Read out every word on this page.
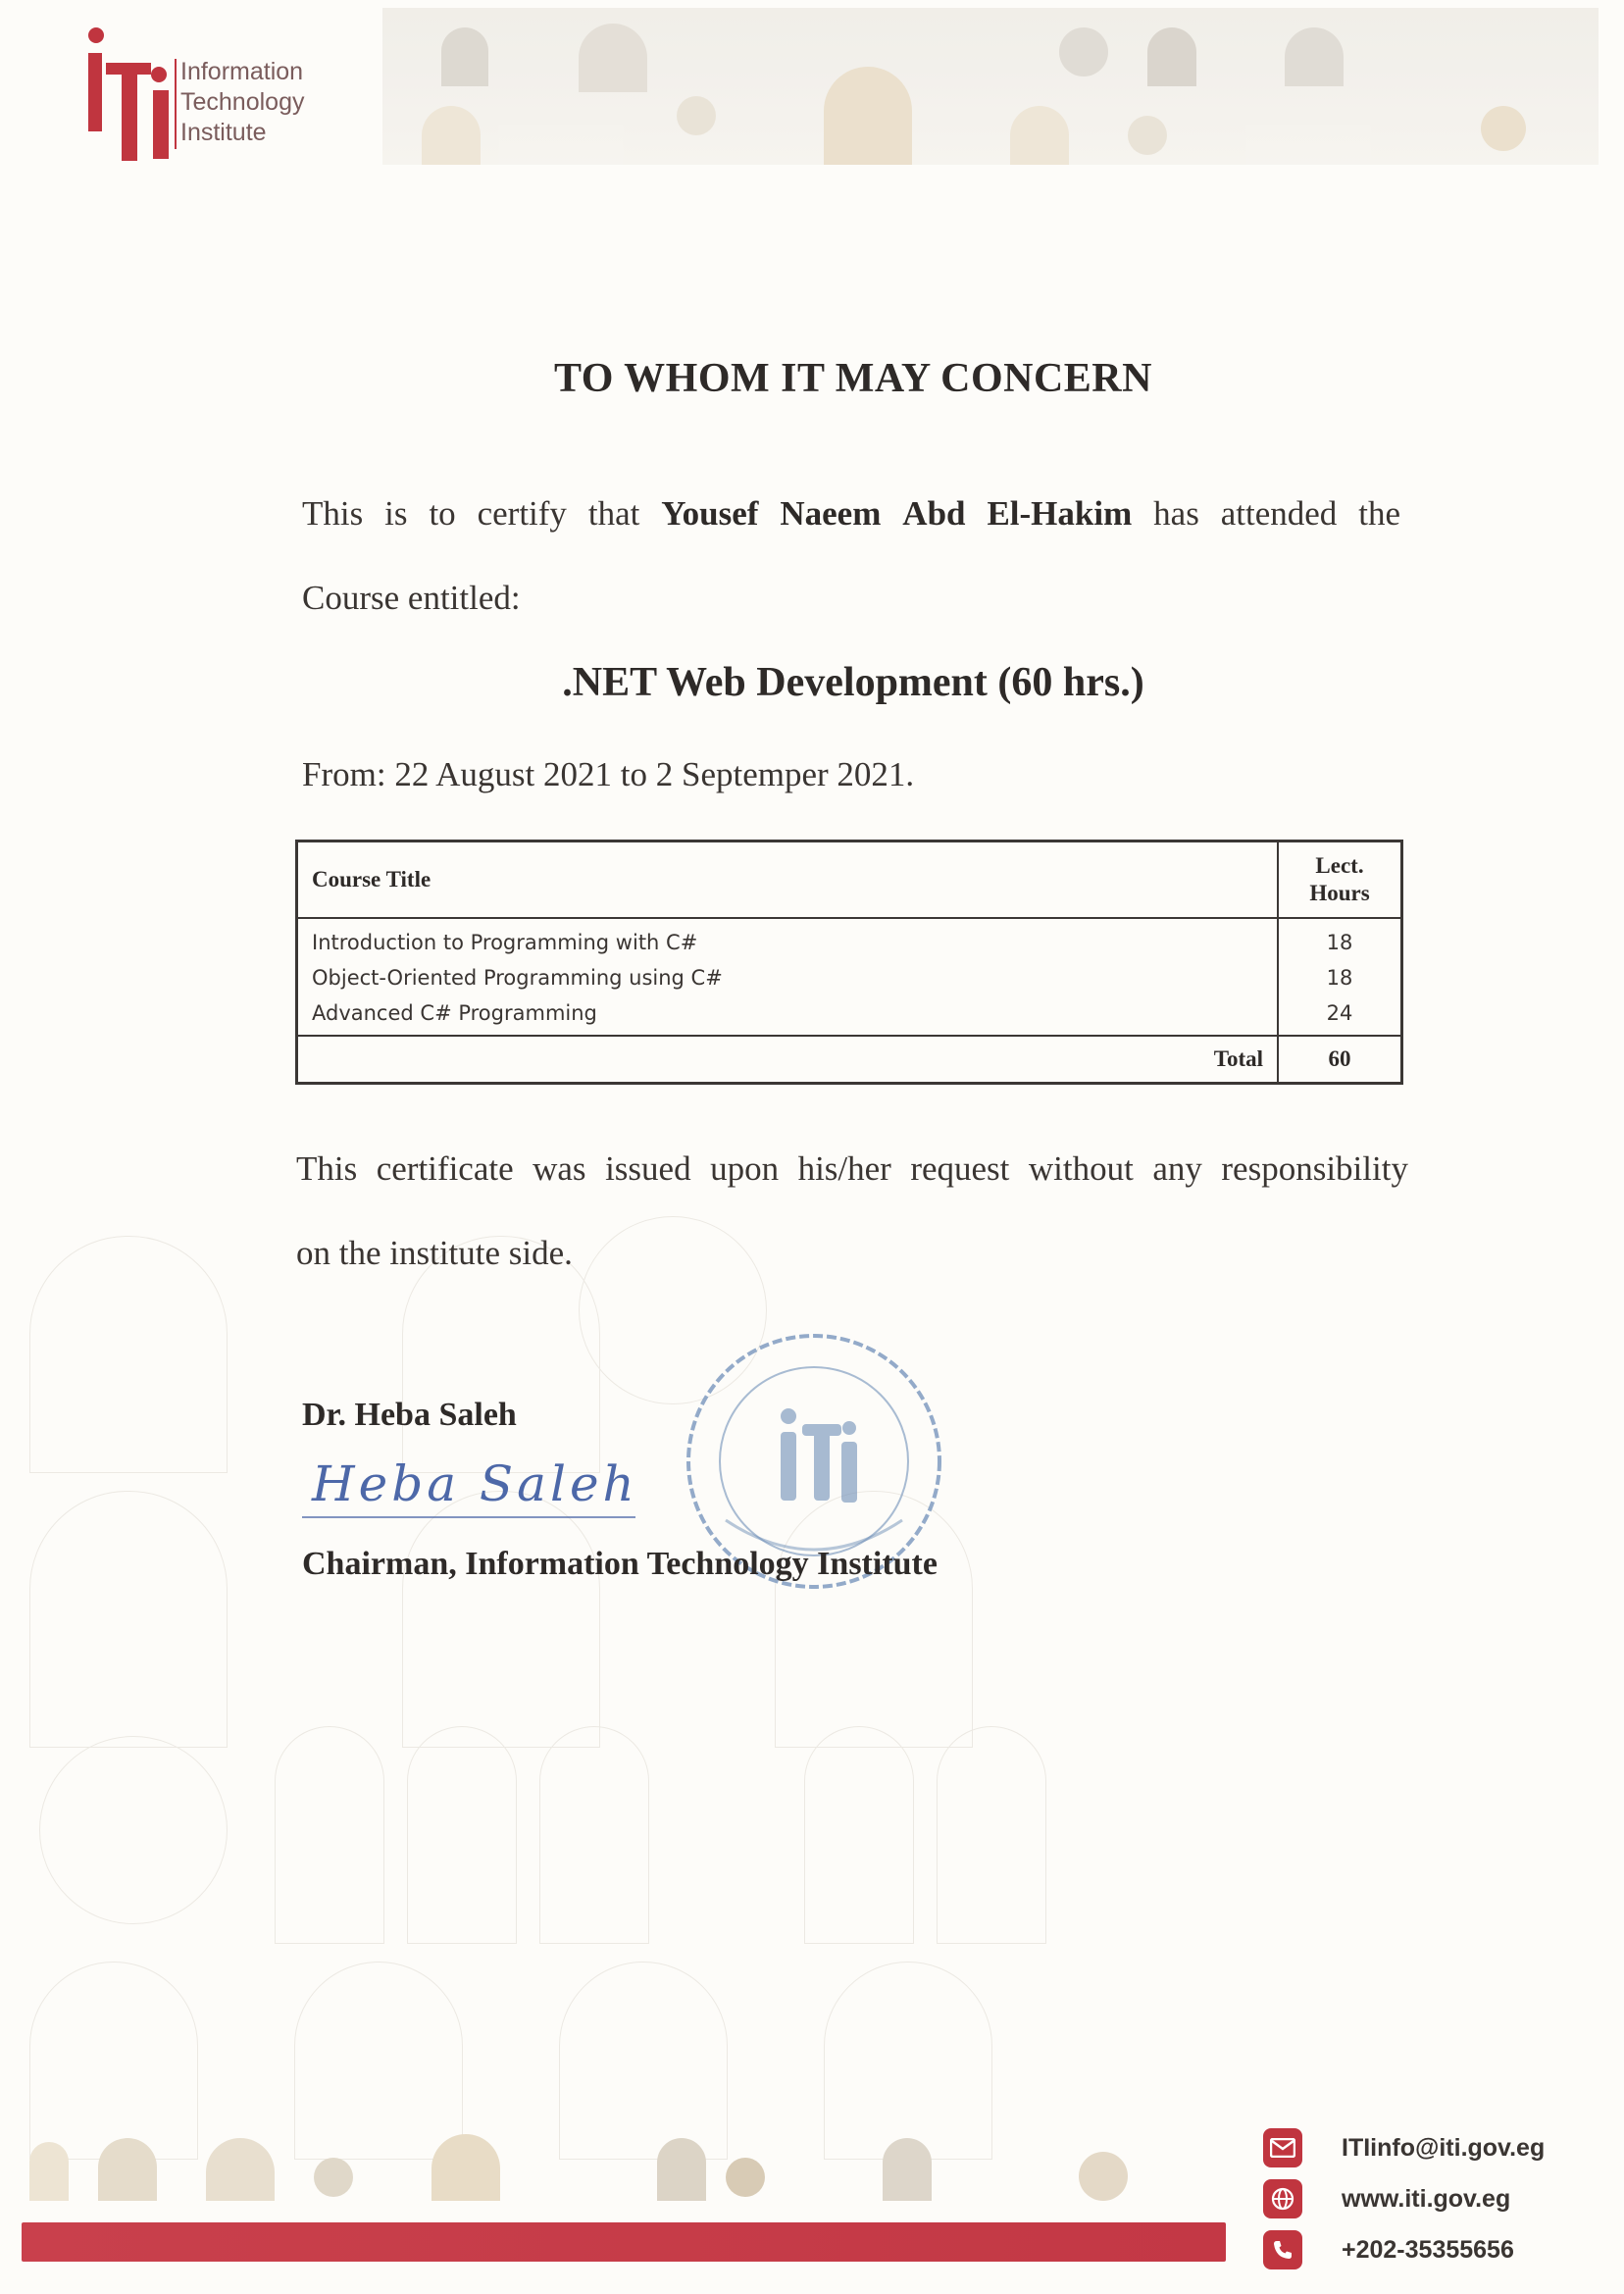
Information
Technology
Institute
TO WHOM IT MAY CONCERN
This is to certify that Yousef Naeem Abd El-Hakim has attended the
Course entitled:
.NET Web Development (60 hrs.)
From: 22 August 2021 to 2 Septemper 2021.
Course Title	Lect.
Hours

Introduction to Programming with C#	18
Object-Oriented Programming using C#	18
Advanced C# Programming	24
Total	60
This certificate was issued upon his/her request without any responsibility
on the institute side.
Dr. Heba Saleh
Heba Saleh
Chairman, Information Technology Institute
ITIinfo@iti.gov.eg
www.iti.gov.eg
+202-35355656
